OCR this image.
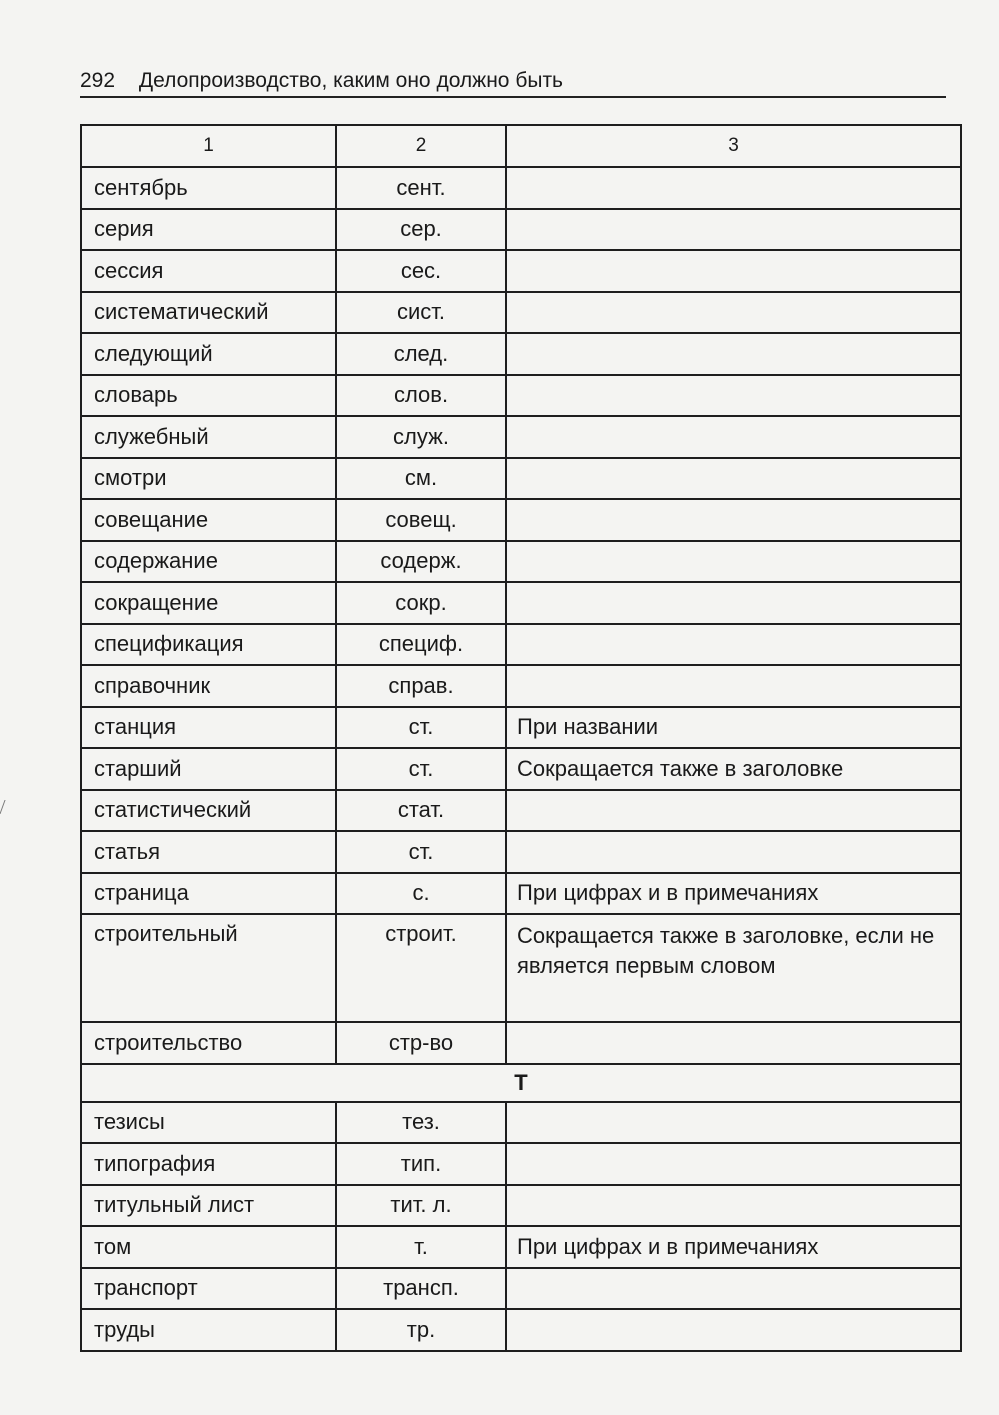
292 Делопроизводство, каким оно должно быть
1	2	3
сентябрь	сент.	
серия	сер.	
сессия	сес.	
систематический	сист.	
следующий	след.	
словарь	слов.	
служебный	служ.	
смотри	см.	
совещание	совещ.	
содержание	содерж.	
сокращение	сокр.	
спецификация	специф.	
справочник	справ.	
станция	ст.	При названии
старший	ст.	Сокращается также в заголовке
статистический	стат.	
статья	ст.	
страница	с.	При цифрах и в примечаниях
строительный	строит.	Сокращается также в заголовке, если не является первым словом
строительство	стр-во	
Т		
тезисы	тез.	
типография	тип.	
титульный лист	тит. л.	
том	т.	При цифрах и в примечаниях
транспорт	трансп.	
труды	тр.	
